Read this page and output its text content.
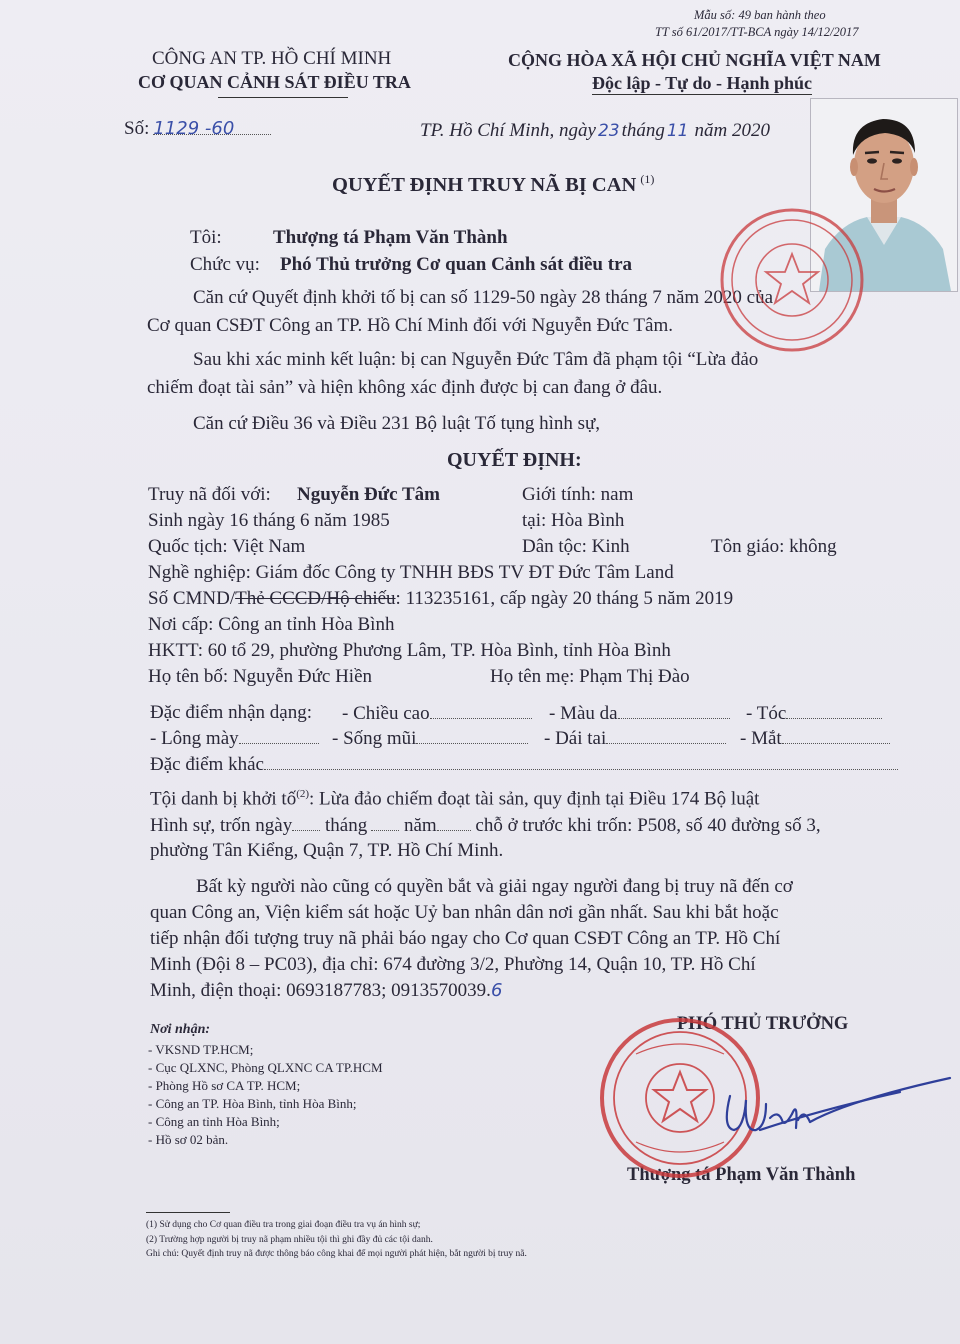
Mẫu số: 49 ban hành theo
TT số 61/2017/TT-BCA ngày 14/12/2017
CÔNG AN TP. HỒ CHÍ MINH
CƠ QUAN CẢNH SÁT ĐIỀU TRA
CỘNG HÒA XÃ HỘI CHỦ NGHĨA VIỆT NAM
Độc lập - Tự do - Hạnh phúc
Số: 1129 -60	TP. Hồ Chí Minh, ngày 23 tháng 11 năm 2020
QUYẾT ĐỊNH TRUY NÃ BỊ CAN $^{(1)}$
Tôi:	Thượng tá Phạm Văn Thành
Chức vụ: Phó Thủ trưởng Cơ quan Cảnh sát điều tra
Căn cứ Quyết định khởi tố bị can số 1129-50 ngày 28 tháng 7 năm 2020 của
Cơ quan CSĐT Công an TP. Hồ Chí Minh đối với Nguyễn Đức Tâm.
Sau khi xác minh kết luận: bị can Nguyễn Đức Tâm đã phạm tội “Lừa đảo
chiếm đoạt tài sản” và hiện không xác định được bị can đang ở đâu.
Căn cứ Điều 36 và Điều 231 Bộ luật Tố tụng hình sự,
QUYẾT ĐỊNH:
Truy nã đối với: Nguyễn Đức Tâm	Giới tính: nam
Sinh ngày 16 tháng 6 năm 1985	tại: Hòa Bình
Quốc tịch: Việt Nam	Dân tộc: Kinh	Tôn giáo: không
Nghề nghiệp: Giám đốc Công ty TNHH BĐS TV ĐT Đức Tâm Land
Số CMND/Thẻ CCCD/Hộ chiếu: 113235161, cấp ngày 20 tháng 5 năm 2019
Nơi cấp: Công an tỉnh Hòa Bình
HKTT: 60 tổ 29, phường Phương Lâm, TP. Hòa Bình, tỉnh Hòa Bình
Họ tên bố: Nguyễn Đức Hiền	Họ tên mẹ: Phạm Thị Đào
Đặc điểm nhận dạng: - Chiều cao	- Màu da	- Tóc
- Lông mày	- Sống mũi	- Dái tai	- Mắt
Đặc điểm khác
Tội danh bị khởi tố$^{(2)}$: Lừa đảo chiếm đoạt tài sản, quy định tại Điều 174 Bộ luật
Hình sự, trốn ngày tháng năm chỗ ở trước khi trốn: P508, số 40 đường số 3,
phường Tân Kiểng, Quận 7, TP. Hồ Chí Minh.
Bất kỳ người nào cũng có quyền bắt và giải ngay người đang bị truy nã đến cơ
quan Công an, Viện kiểm sát hoặc Uỷ ban nhân dân nơi gần nhất. Sau khi bắt hoặc
tiếp nhận đối tượng truy nã phải báo ngay cho Cơ quan CSĐT Công an TP. Hồ Chí
Minh (Đội 8 – PC03), địa chỉ: 674 đường 3/2, Phường 14, Quận 10, TP. Hồ Chí
Minh, điện thoại: 0693187783; 0913570039.6
Nơi nhận:
- VKSND TP.HCM;
- Cục QLXNC, Phòng QLXNC CA TP.HCM
- Phòng Hồ sơ CA TP. HCM;
- Công an TP. Hòa Bình, tỉnh Hòa Bình;
- Công an tỉnh Hòa Bình;
- Hồ sơ 02 bản.
PHÓ THỦ TRƯỞNG
Thượng tá Phạm Văn Thành
(1) Sử dụng cho Cơ quan điều tra trong giai đoạn điều tra vụ án hình sự;
(2) Trường hợp người bị truy nã phạm nhiều tội thì ghi đầy đủ các tội danh.
Ghi chú: Quyết định truy nã được thông báo công khai để mọi người phát hiện, bắt người bị truy nã.
